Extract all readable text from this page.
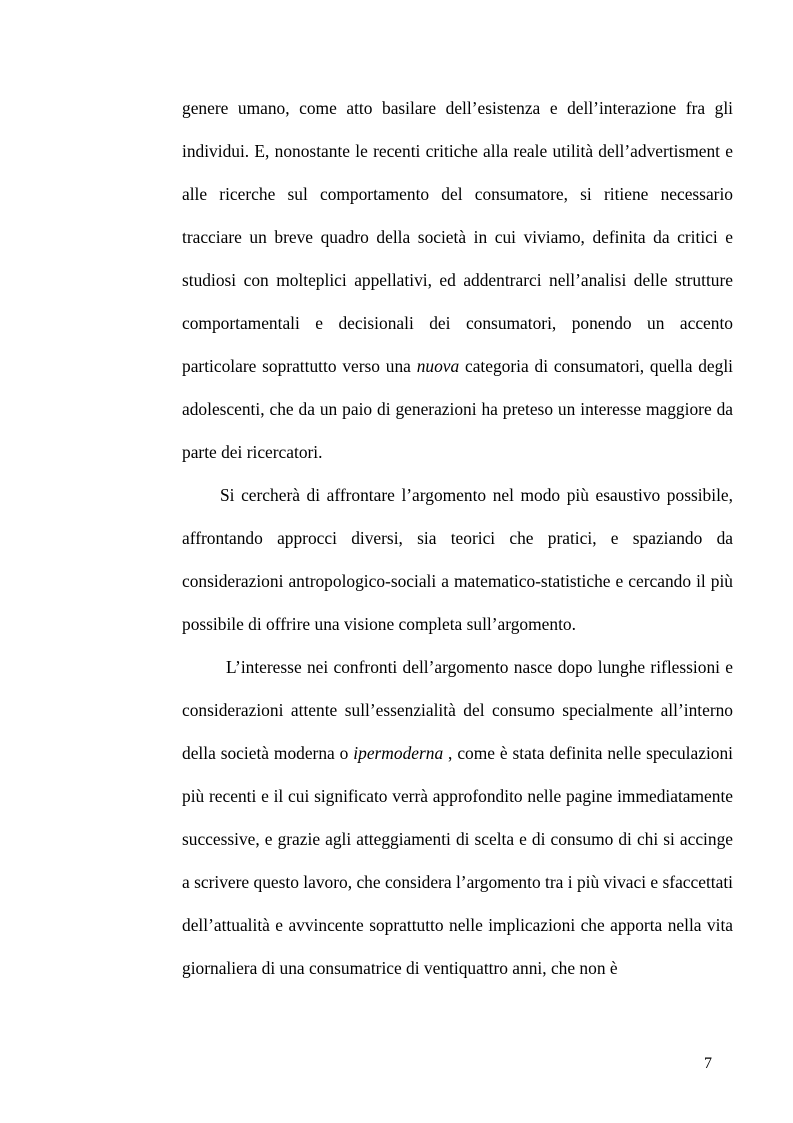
genere umano, come atto basilare dell’esistenza e dell’interazione fra gli individui. E, nonostante le recenti critiche alla reale utilità dell’advertisment e alle ricerche sul comportamento del consumatore, si ritiene necessario tracciare un breve quadro della società in cui viviamo, definita da critici e studiosi con molteplici appellativi, ed addentrarci nell’analisi delle strutture comportamentali e decisionali dei consumatori, ponendo un accento particolare soprattutto verso una nuova categoria di consumatori, quella degli adolescenti, che da un paio di generazioni ha preteso un interesse maggiore da parte dei ricercatori.

Si cercherà di affrontare l’argomento nel modo più esaustivo possibile, affrontando approcci diversi, sia teorici che pratici, e spaziando da considerazioni antropologico-sociali a matematico-statistiche e cercando il più possibile di offrire una visione completa sull’argomento.

L’interesse nei confronti dell’argomento nasce dopo lunghe riflessioni e considerazioni attente sull’essenzialità del consumo specialmente all’interno della società moderna o ipermoderna , come è stata definita nelle speculazioni più recenti e il cui significato verrà approfondito nelle pagine immediatamente successive, e grazie agli atteggiamenti di scelta e di consumo di chi si accinge a scrivere questo lavoro, che considera l’argomento tra i più vivaci e sfaccettati dell’attualità e avvincente soprattutto nelle implicazioni che apporta nella vita giornaliera di una consumatrice di ventiquattro anni, che non è

7
